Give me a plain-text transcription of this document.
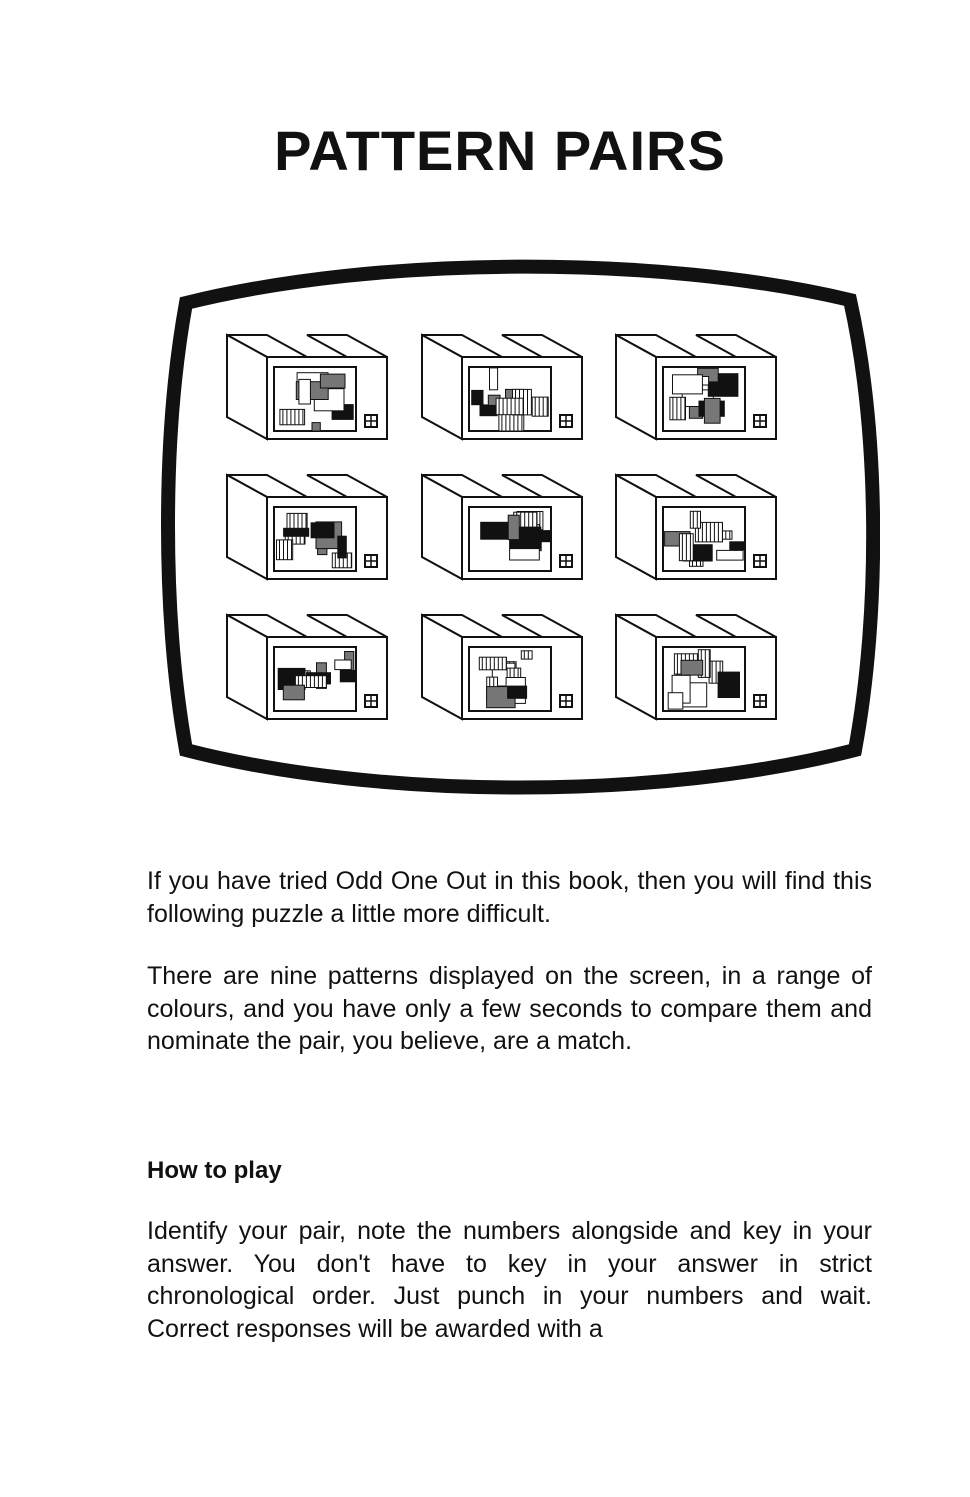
PATTERN PAIRS

If you have tried Odd One Out in this book, then you will find this following puzzle a little more difficult.

There are nine patterns displayed on the screen, in a range of colours, and you have only a few seconds to compare them and nominate the pair, you believe, are a match.

How to play

Identify your pair, note the numbers alongside and key in your answer. You don't have to key in your answer in strict chronological order. Just punch in your numbers and wait. Correct responses will be awarded with a
